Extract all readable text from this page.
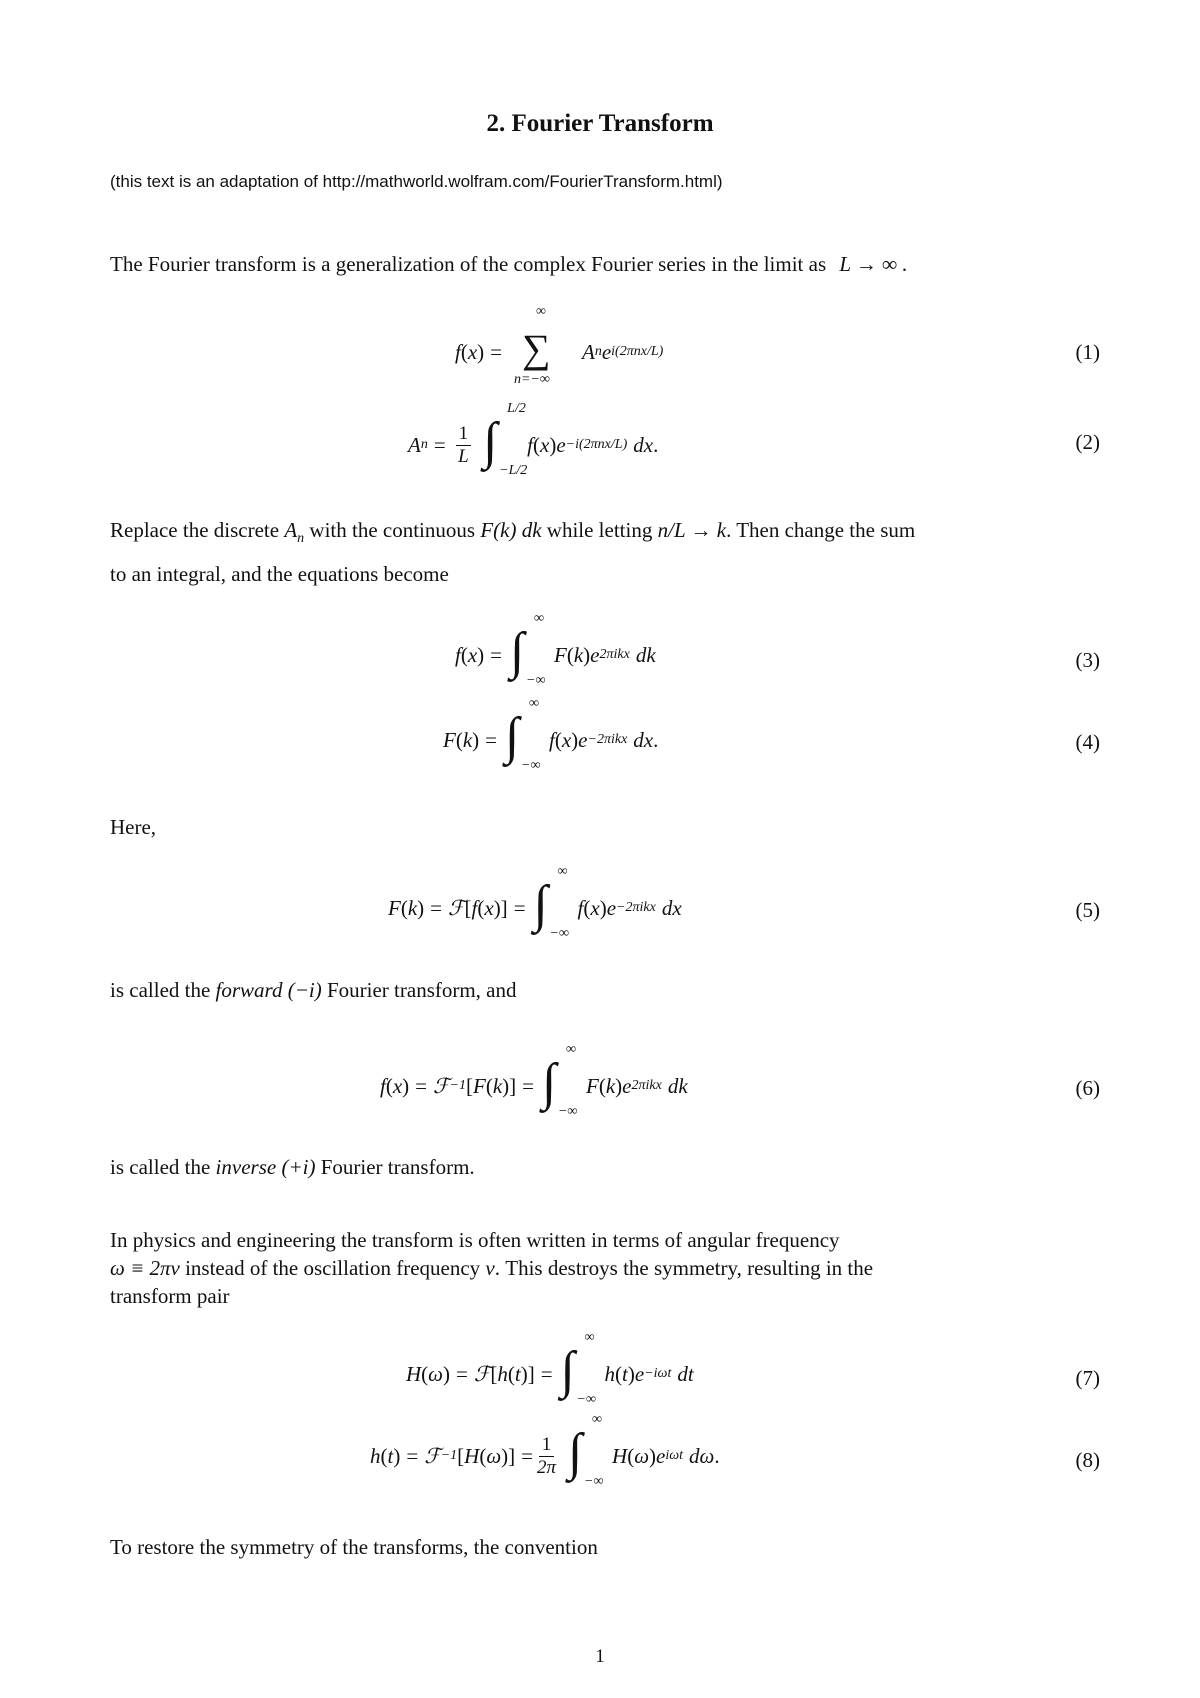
2. Fourier Transform
(this text is an adaptation of http://mathworld.wolfram.com/FourierTransform.html)
The Fourier transform is a generalization of the complex Fourier series in the limit as L → ∞ .
f ( x ) =
∞
∑
n=−∞
A n e i(2πnx/L)	(1)
A $n = \frac{1}{L}$
L/2
∫
−L/2
f ( x ) e −i(2πnx/L) dx .	(2)
Replace the discrete $A_n$ with the continuous F(k) dk while letting n/L → k. Then change the sum
to an integral, and the equations become
f ( x ) =
∞
∫
−∞
F ( k ) e 2πikx dk	(3)
F ( k ) =
∞
∫
−∞
f ( x ) e −2πikx dx .	(4)
Here,
F ( k ) = ℱ [ f ( x )] =
∞
∫
−∞
f ( x ) e −2πikx dx	(5)
is called the forward (−i) Fourier transform, and
f ( x ) = ℱ −1 [ F ( k )] =
∞
∫
−∞
F ( k ) e 2πikx dk	(6)
is called the inverse (+i) Fourier transform.
In physics and engineering the transform is often written in terms of angular frequency
ω ≡ 2πν instead of the oscillation frequency ν. This destroys the symmetry, resulting in the
transform pair
H ( ω ) = ℱ [ h ( t )] =
∞
∫
−∞
h ( t ) e −iωt dt	(7)
h ( t ) = ℱ −1 [ H ( ω )] = $\frac{1}{2\pi}$
∞
∫
−∞
H ( ω ) e iωt dω .	(8)
To restore the symmetry of the transforms, the convention
1
